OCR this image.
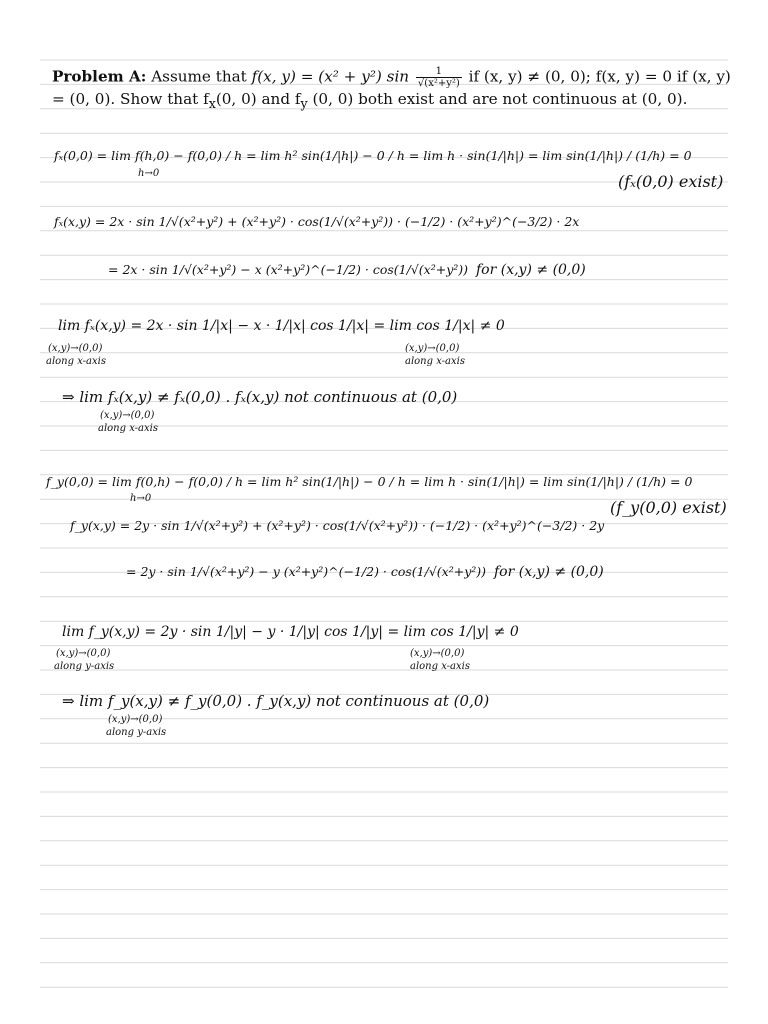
Problem A: Assume that f(x, y) = (x² + y²) $\sin \frac{1}{\text{√(x²+y²)}}$ if (x, y) ≠ (0, 0); f(x, y) = 0 if (x, y) = (0, 0). Show that $f_x(0$, 0) and $f_y$ (0, 0) both exist and are not continuous at (0, 0).
fₓ(0,0) = lim f(h,0) − f(0,0) / h = lim h² sin(1/|h|) − 0 / h = lim h · sin(1/|h|) = lim sin(1/|h|) / (1/h) = 0
h→0	(fₓ(0,0) exist)
fₓ(x,y) = 2x · sin 1/√(x²+y²) + (x²+y²) · cos(1/√(x²+y²)) · (−1/2) · (x²+y²)^(−3/2) · 2x
= 2x · sin 1/√(x²+y²) − x (x²+y²)^(−1/2) · cos(1/√(x²+y²)) for (x,y) ≠ (0,0)
lim fₓ(x,y) = 2x · sin 1/|x| − x · 1/|x| cos 1/|x| = lim cos 1/|x| ≠ 0
(x,y)→(0,0)
along x-axis
(x,y)→(0,0)
along x-axis
⇒ lim fₓ(x,y) ≠ fₓ(0,0) . fₓ(x,y) not continuous at (0,0)
(x,y)→(0,0)
along x-axis
f_y(0,0) = lim f(0,h) − f(0,0) / h = lim h² sin(1/|h|) − 0 / h = lim h · sin(1/|h|) = lim sin(1/|h|) / (1/h) = 0
h→0	(f_y(0,0) exist)
f_y(x,y) = 2y · sin 1/√(x²+y²) + (x²+y²) · cos(1/√(x²+y²)) · (−1/2) · (x²+y²)^(−3/2) · 2y
= 2y · sin 1/√(x²+y²) − y (x²+y²)^(−1/2) · cos(1/√(x²+y²)) for (x,y) ≠ (0,0)
lim f_y(x,y) = 2y · sin 1/|y| − y · 1/|y| cos 1/|y| = lim cos 1/|y| ≠ 0
(x,y)→(0,0)
along y-axis
(x,y)→(0,0)
along x-axis
⇒ lim f_y(x,y) ≠ f_y(0,0) . f_y(x,y) not continuous at (0,0)
(x,y)→(0,0)
along y-axis
